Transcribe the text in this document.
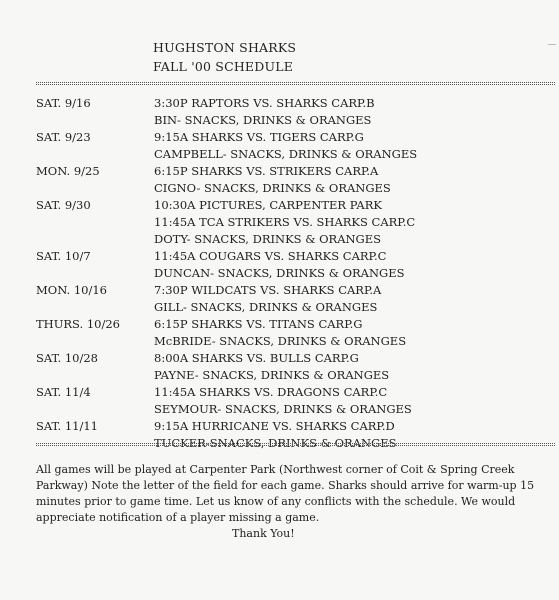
HUGHSTON SHARKS
FALL '00 SCHEDULE
SAT. 9/16	3:30P RAPTORS VS. SHARKS CARP.B
BIN- SNACKS, DRINKS & ORANGES
SAT. 9/23	9:15A SHARKS VS. TIGERS CARP.G
CAMPBELL- SNACKS, DRINKS & ORANGES
MON. 9/25	6:15P SHARKS VS. STRIKERS CARP.A
CIGNO- SNACKS, DRINKS & ORANGES
SAT. 9/30	10:30A PICTURES, CARPENTER PARK
11:45A TCA STRIKERS VS. SHARKS CARP.C
DOTY- SNACKS, DRINKS & ORANGES
SAT. 10/7	11:45A COUGARS VS. SHARKS CARP.C
DUNCAN- SNACKS, DRINKS & ORANGES
MON. 10/16	7:30P WILDCATS VS. SHARKS CARP.A
GILL- SNACKS, DRINKS & ORANGES
THURS. 10/26	6:15P SHARKS VS. TITANS CARP.G
McBRIDE- SNACKS, DRINKS & ORANGES
SAT. 10/28	8:00A SHARKS VS. BULLS CARP.G
PAYNE- SNACKS, DRINKS & ORANGES
SAT. 11/4	11:45A SHARKS VS. DRAGONS CARP.C
SEYMOUR- SNACKS, DRINKS & ORANGES
SAT. 11/11	9:15A HURRICANE VS. SHARKS CARP.D
TUCKER-SNACKS, DRINKS & ORANGES
All games will be played at Carpenter Park (Northwest corner of Coit & Spring Creek Parkway) Note the letter of the field for each game. Sharks should arrive for warm-up 15 minutes prior to game time. Let us know of any conflicts with the schedule. We would appreciate notification of a player missing a game.
Thank You!
